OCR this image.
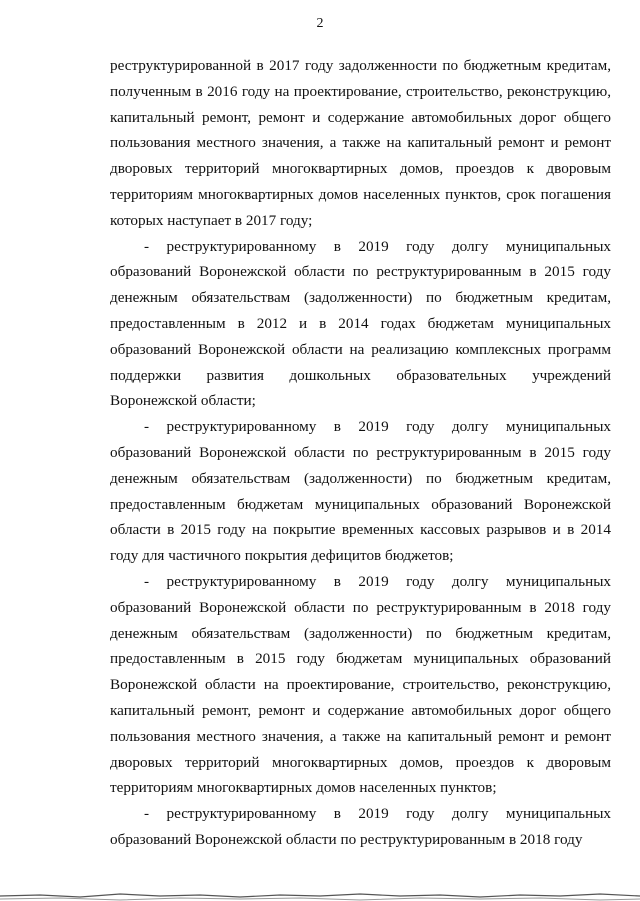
2

реструктурированной в 2017 году задолженности по бюджетным кредитам, полученным в 2016 году на проектирование, строительство, реконструкцию, капитальный ремонт, ремонт и содержание автомобильных дорог общего пользования местного значения, а также на капитальный ремонт и ремонт дворовых территорий многоквартирных домов, проездов к дворовым территориям многоквартирных домов населенных пунктов, срок погашения которых наступает в 2017 году;

- реструктурированному в 2019 году долгу муниципальных образований Воронежской области по реструктурированным в 2015 году денежным обязательствам (задолженности) по бюджетным кредитам, предоставленным в 2012 и в 2014 годах бюджетам муниципальных образований Воронежской области на реализацию комплексных программ поддержки развития дошкольных образовательных учреждений Воронежской области;

- реструктурированному в 2019 году долгу муниципальных образований Воронежской области по реструктурированным в 2015 году денежным обязательствам (задолженности) по бюджетным кредитам, предоставленным бюджетам муниципальных образований Воронежской области в 2015 году на покрытие временных кассовых разрывов и в 2014 году для частичного покрытия дефицитов бюджетов;

- реструктурированному в 2019 году долгу муниципальных образований Воронежской области по реструктурированным в 2018 году денежным обязательствам (задолженности) по бюджетным кредитам, предоставленным в 2015 году бюджетам муниципальных образований Воронежской области на проектирование, строительство, реконструкцию, капитальный ремонт, ремонт и содержание автомобильных дорог общего пользования местного значения, а также на капитальный ремонт и ремонт дворовых территорий многоквартирных домов, проездов к дворовым территориям многоквартирных домов населенных пунктов;

- реструктурированному в 2019 году долгу муниципальных образований Воронежской области по реструктурированным в 2018 году
